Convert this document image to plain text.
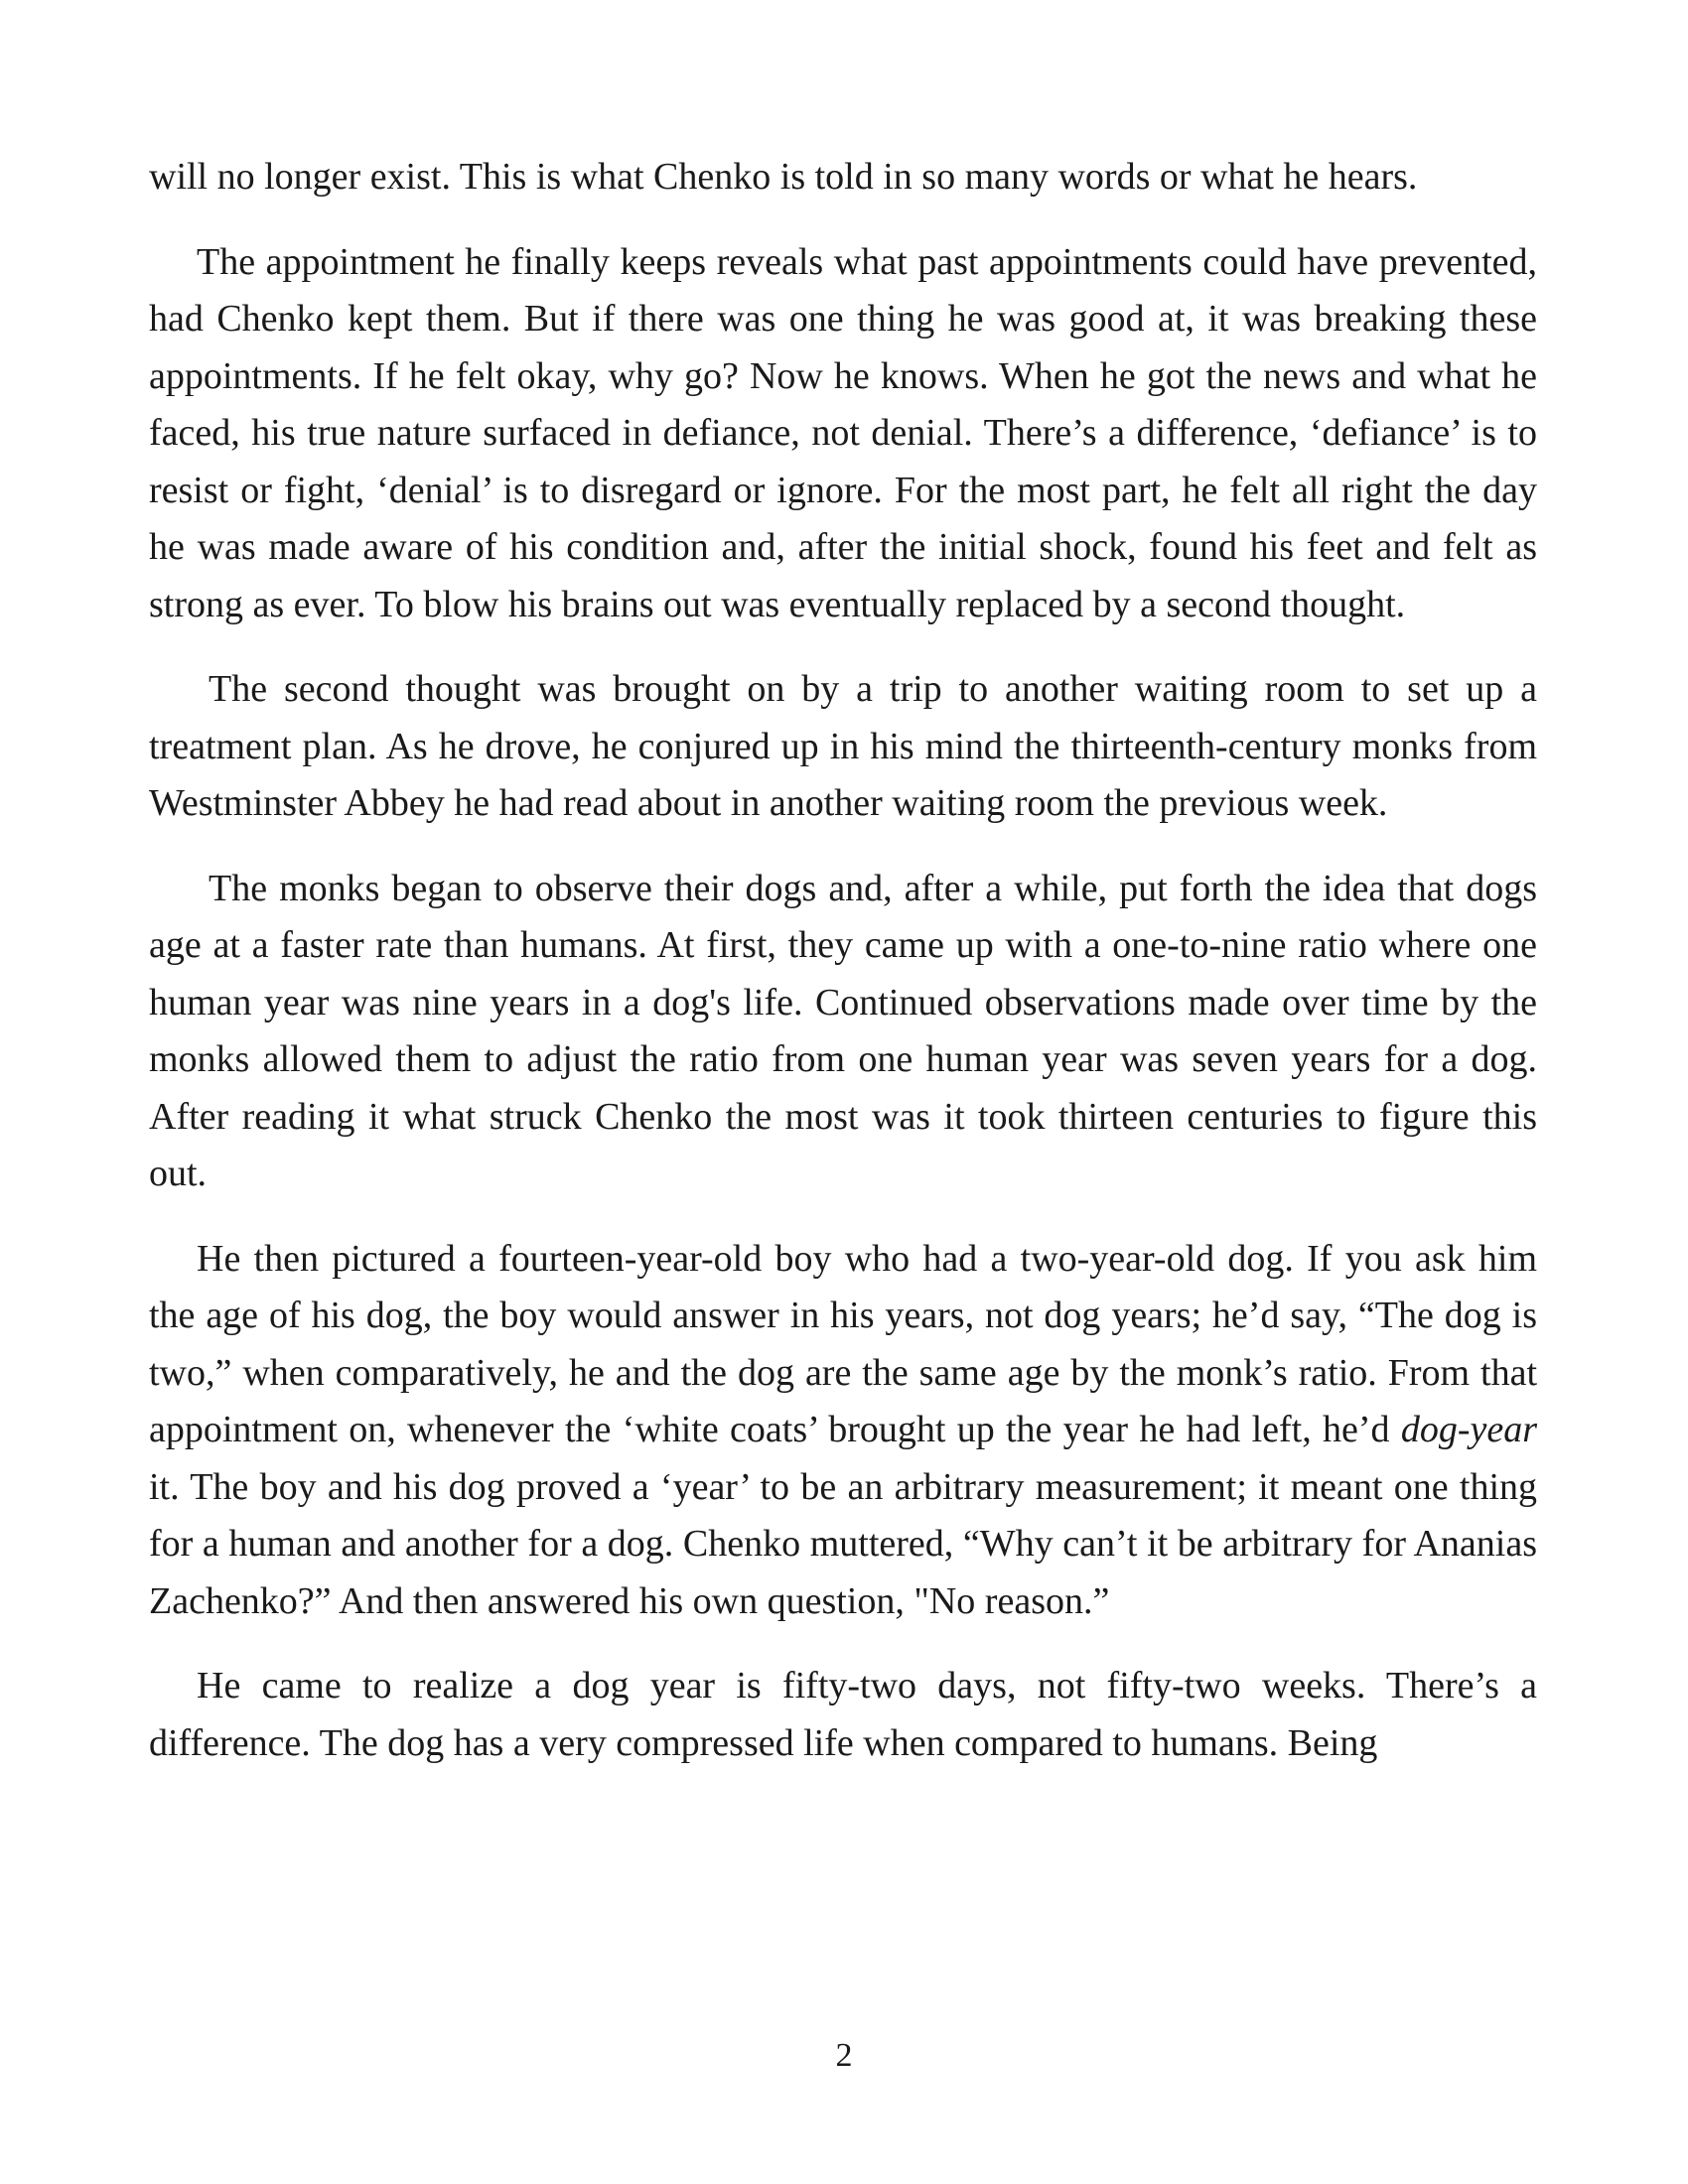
will no longer exist. This is what Chenko is told in so many words or what he hears.

The appointment he finally keeps reveals what past appointments could have prevented, had Chenko kept them. But if there was one thing he was good at, it was breaking these appointments. If he felt okay, why go? Now he knows. When he got the news and what he faced, his true nature surfaced in defiance, not denial. There’s a difference, ‘defiance’ is to resist or fight, ‘denial’ is to disregard or ignore. For the most part, he felt all right the day he was made aware of his condition and, after the initial shock, found his feet and felt as strong as ever. To blow his brains out was eventually replaced by a second thought.

The second thought was brought on by a trip to another waiting room to set up a treatment plan. As he drove, he conjured up in his mind the thirteenth-century monks from Westminster Abbey he had read about in another waiting room the previous week.

The monks began to observe their dogs and, after a while, put forth the idea that dogs age at a faster rate than humans. At first, they came up with a one-to-nine ratio where one human year was nine years in a dog's life. Continued observations made over time by the monks allowed them to adjust the ratio from one human year was seven years for a dog. After reading it what struck Chenko the most was it took thirteen centuries to figure this out.

He then pictured a fourteen-year-old boy who had a two-year-old dog. If you ask him the age of his dog, the boy would answer in his years, not dog years; he’d say, “The dog is two,” when comparatively, he and the dog are the same age by the monk’s ratio. From that appointment on, whenever the ‘white coats’ brought up the year he had left, he’d dog-year it. The boy and his dog proved a ‘year’ to be an arbitrary measurement; it meant one thing for a human and another for a dog. Chenko muttered, “Why can’t it be arbitrary for Ananias Zachenko?” And then answered his own question, "No reason.”

He came to realize a dog year is fifty-two days, not fifty-two weeks. There’s a difference. The dog has a very compressed life when compared to humans. Being

2
